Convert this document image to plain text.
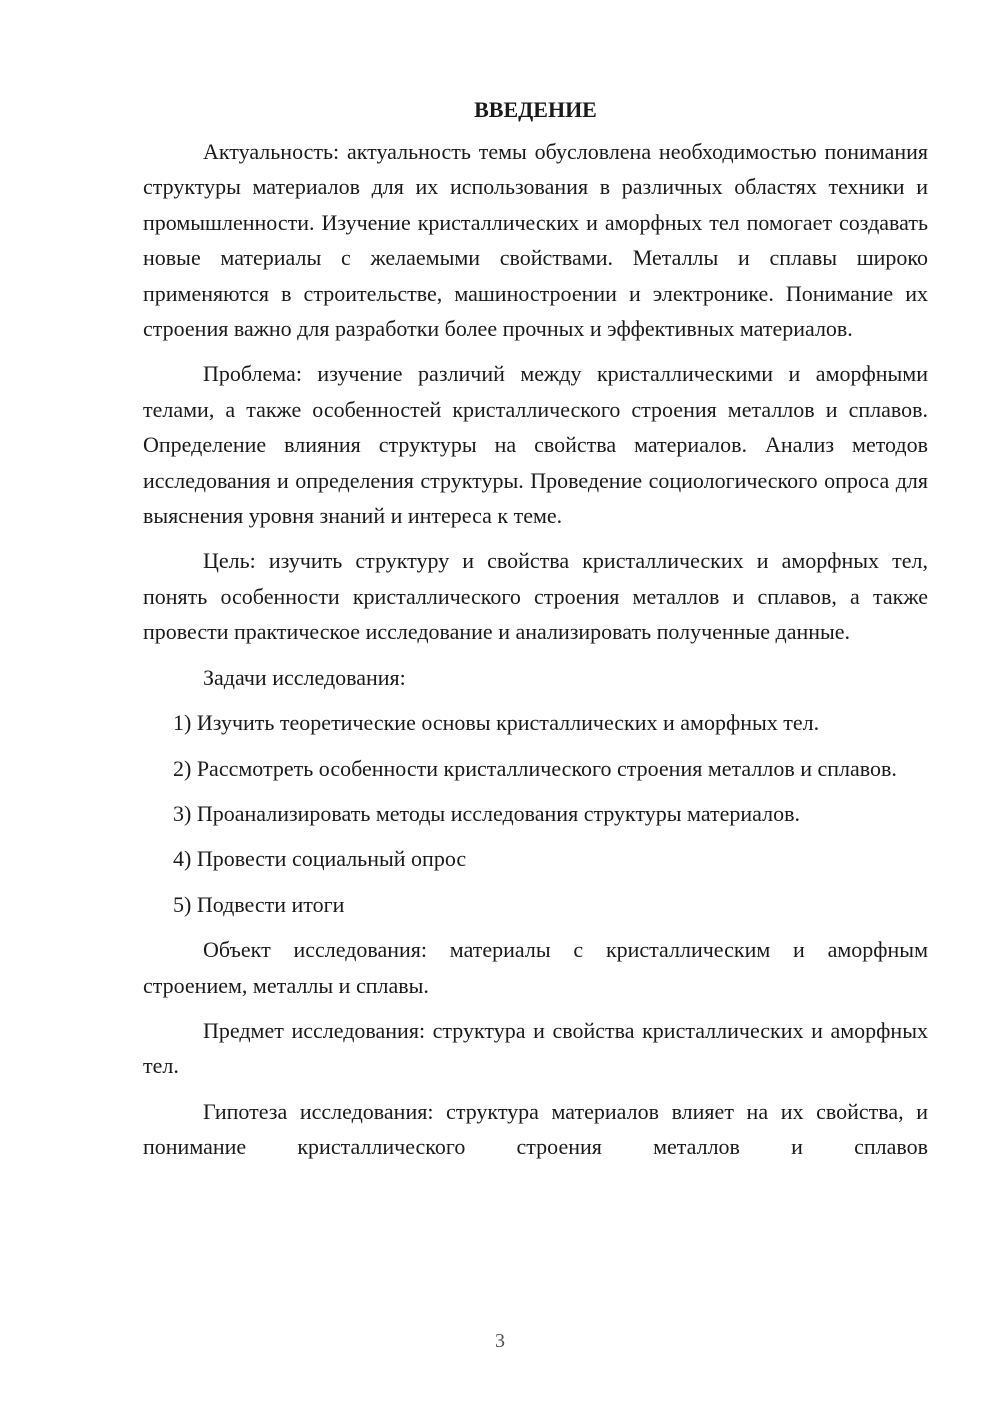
ВВЕДЕНИЕ

Актуальность: актуальность темы обусловлена необходимостью понимания структуры материалов для их использования в различных областях техники и промышленности. Изучение кристаллических и аморфных тел помогает создавать новые материалы с желаемыми свойствами. Металлы и сплавы широко применяются в строительстве, машиностроении и электронике. Понимание их строения важно для разработки более прочных и эффективных материалов.

Проблема: изучение различий между кристаллическими и аморфными телами, а также особенностей кристаллического строения металлов и сплавов. Определение влияния структуры на свойства материалов. Анализ методов исследования и определения структуры. Проведение социологического опроса для выяснения уровня знаний и интереса к теме.

Цель: изучить структуру и свойства кристаллических и аморфных тел, понять особенности кристаллического строения металлов и сплавов, а также провести практическое исследование и анализировать полученные данные.

Задачи исследования:

1) Изучить теоретические основы кристаллических и аморфных тел.

2) Рассмотреть особенности кристаллического строения металлов и сплавов.

3) Проанализировать методы исследования структуры материалов.

4) Провести социальный опрос

5) Подвести итоги

Объект исследования: материалы с кристаллическим и аморфным строением, металлы и сплавы.

Предмет исследования: структура и свойства кристаллических и аморфных тел.

Гипотеза исследования: структура материалов влияет на их свойства, и понимание кристаллического строения металлов и сплавов

3
